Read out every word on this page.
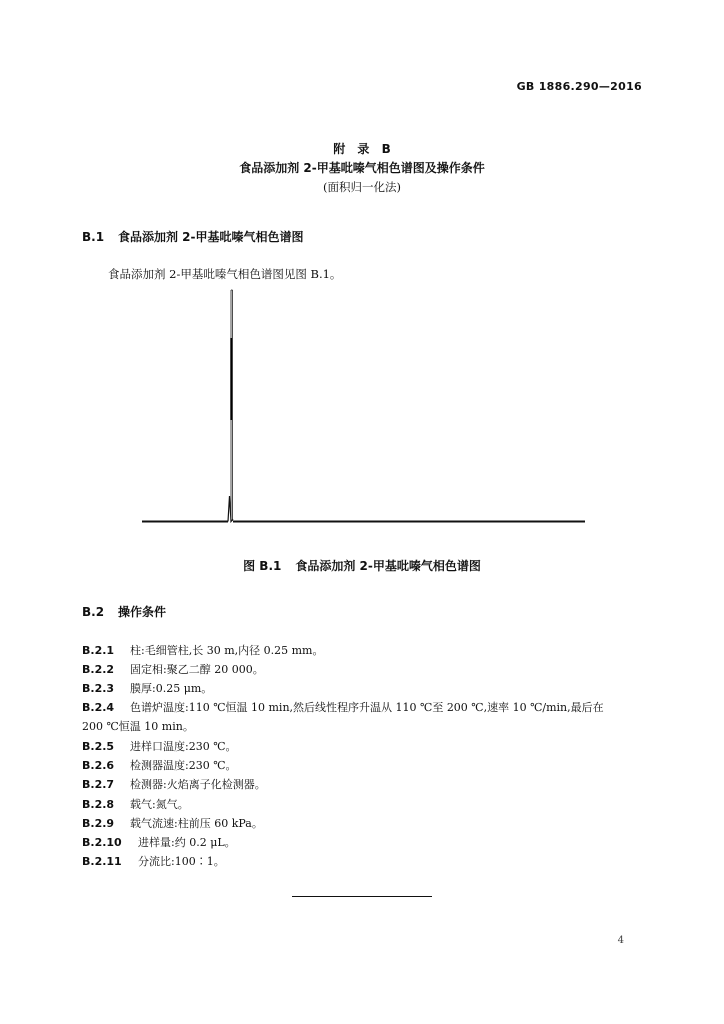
GB 1886.290—2016
附 录 B
食品添加剂 2-甲基吡嗪气相色谱图及操作条件
(面积归一化法)
B.1 食品添加剂 2-甲基吡嗪气相色谱图
食品添加剂 2-甲基吡嗪气相色谱图见图 B.1。
图 B.1 食品添加剂 2-甲基吡嗪气相色谱图
B.2 操作条件
B.2.1 柱:毛细管柱,长 30 m,内径 0.25 mm。
B.2.2 固定相:聚乙二醇 20 000。
B.2.3 膜厚:0.25 μm。
B.2.4 色谱炉温度:110 ℃恒温 10 min,然后线性程序升温从 110 ℃至 200 ℃,速率 10 ℃/min,最后在
200 ℃恒温 10 min。
B.2.5 进样口温度:230 ℃。
B.2.6 检测器温度:230 ℃。
B.2.7 检测器:火焰离子化检测器。
B.2.8 载气:氮气。
B.2.9 载气流速:柱前压 60 kPa。
B.2.10 进样量:约 0.2 μL。
B.2.11 分流比:100∶1。
4
